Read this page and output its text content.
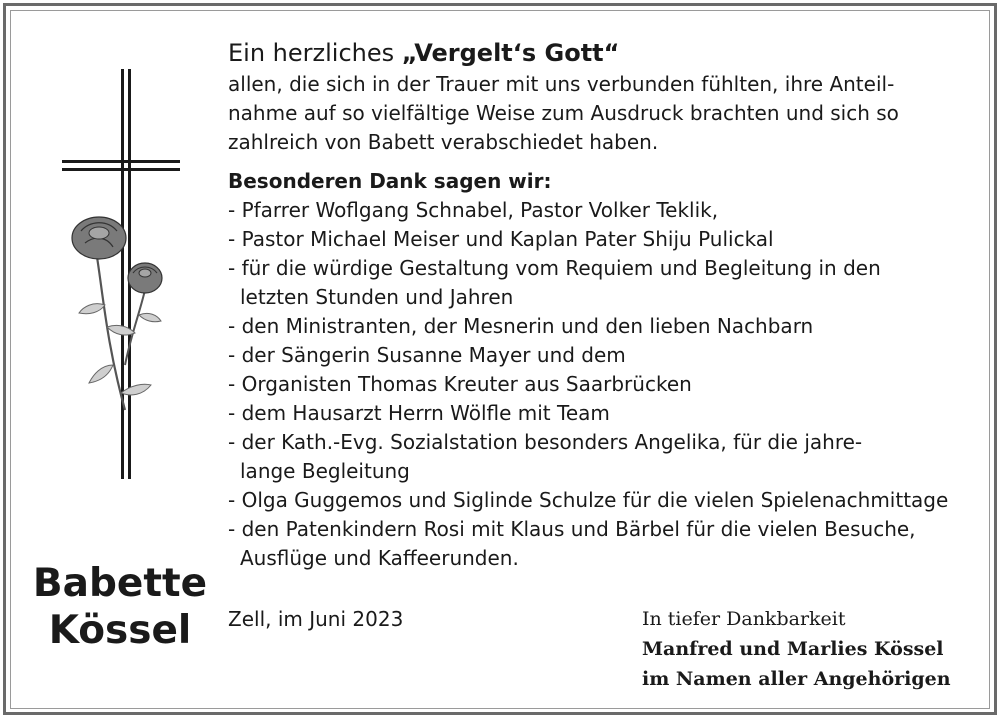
Babette
Kössel

Ein herzliches „Vergelt‘s Gott“

allen, die sich in der Trauer mit uns verbunden fühlten, ihre Anteil-

nahme auf so vielfältige Weise zum Ausdruck brachten und sich so

zahlreich von Babett verabschiedet haben.

Besonderen Dank sagen wir:

- Pfarrer Woflgang Schnabel, Pastor Volker Teklik,
- Pastor Michael Meiser und Kaplan Pater Shiju Pulickal
- für die würdige Gestaltung vom Requiem und Begleitung in den
letzten Stunden und Jahren
- den Ministranten, der Mesnerin und den lieben Nachbarn
- der Sängerin Susanne Mayer und dem
- Organisten Thomas Kreuter aus Saarbrücken
- dem Hausarzt Herrn Wölfle mit Team
- der Kath.-Evg. Sozialstation besonders Angelika, für die jahre-
lange Begleitung
- Olga Guggemos und Siglinde Schulze für die vielen Spielenachmittage
- den Patenkindern Rosi mit Klaus und Bärbel für die vielen Besuche,
Ausflüge und Kaffeerunden.
Zell, im Juni 2023	In tiefer Dankbarkeit
Manfred und Marlies Kössel
im Namen aller Angehörigen
